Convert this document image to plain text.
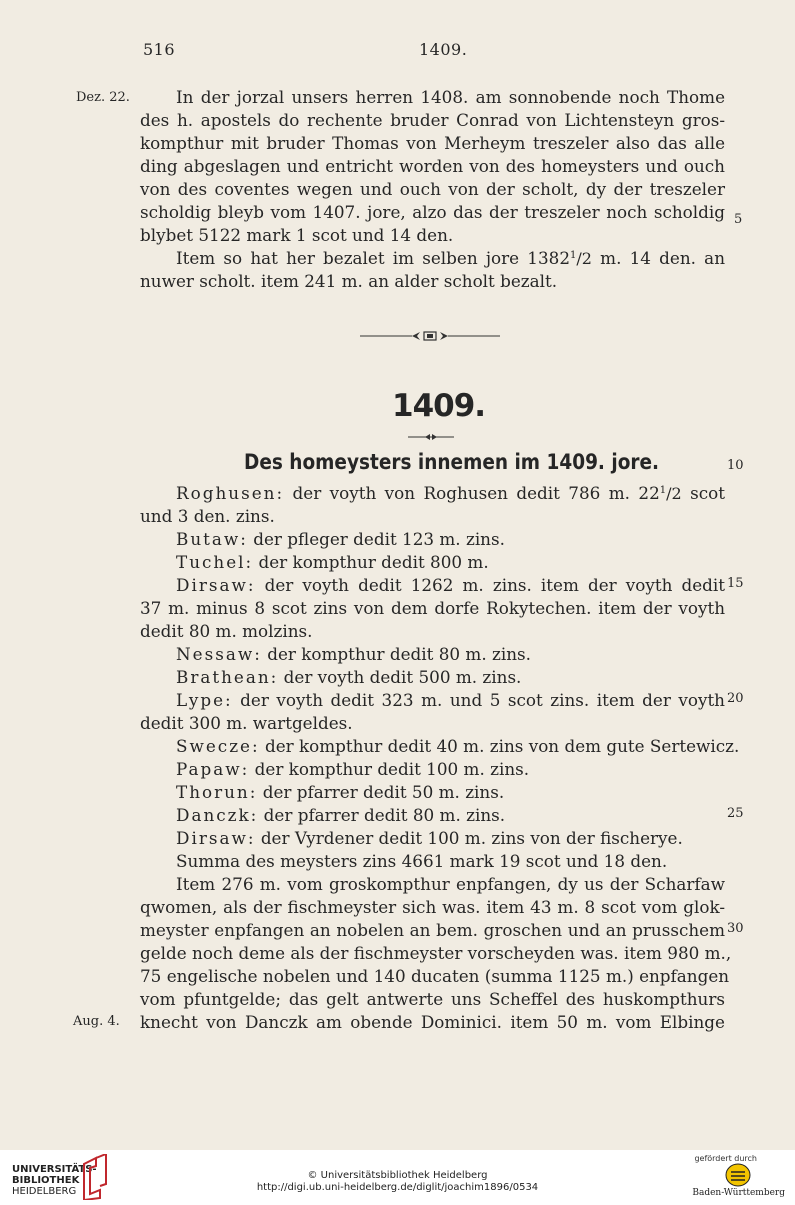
516	1409.
Dez. 22.	In der jorzal unsers herren 1408. am sonnobende noch Thome
des h. apostels do rechente bruder Conrad von Lichtensteyn gros-
kompthur mit bruder Thomas von Merheym treszeler also das alle
ding abgeslagen und entricht worden von des homeysters und ouch
von des coventes wegen und ouch von der scholt, dy der treszeler
scholdig bleyb vom 1407. jore, alzo das der treszeler noch scholdig
blybet 5122 mark 1 scot und 14 den.
Item so hat her bezalet im selben jore 1382$^1$/2 m. 14 den. an
nuwer scholt. item 241 m. an alder scholt bezalt.
5
1409.
Des homeysters innemen im 1409. jore.	10
Roghusen: der voyth von Roghusen dedit 786 m. $22^1/2$ scot
und 3 den. zins.
Butaw: der pfleger dedit 123 m. zins.
Tuchel: der kompthur dedit 800 m.
Dirsaw: der voyth dedit 1262 m. zins. item der voyth dedit
37 m. minus 8 scot zins von dem dorfe Rokytechen. item der voyth
dedit 80 m. molzins.
Nessaw: der kompthur dedit 80 m. zins.
Brathean: der voyth dedit 500 m. zins.
Lype: der voyth dedit 323 m. und 5 scot zins. item der voyth
dedit 300 m. wartgeldes.
Swecze: der kompthur dedit 40 m. zins von dem gute Sertewicz.
Papaw: der kompthur dedit 100 m. zins.
Thorun: der pfarrer dedit 50 m. zins.
Danczk: der pfarrer dedit 80 m. zins.
Dirsaw: der Vyrdener dedit 100 m. zins von der fischerye.
Summa des meysters zins 4661 mark 19 scot und 18 den.
Item 276 m. vom groskompthur enpfangen, dy us der Scharfaw
qwomen, als der fischmeyster sich was. item 43 m. 8 scot vom glok-
meyster enpfangen an nobelen an bem. groschen und an prusschem
gelde noch deme als der fischmeyster vorscheyden was. item 980 m.,
75 engelische nobelen und 140 ducaten (summa 1125 m.) enpfangen
vom pfuntgelde; das gelt antwerte uns Scheffel des huskompthurs
knecht von Danczk am obende Dominici. item 50 m. vom Elbinge
15
20
25
30
Aug. 4.
UNIVERSITÄTS-
BIBLIOTHEK
HEIDELBERG
© Universitätsbibliothek Heidelberg
http://digi.ub.uni-heidelberg.de/diglit/joachim1896/0534
gefördert durch
Baden-Württemberg
